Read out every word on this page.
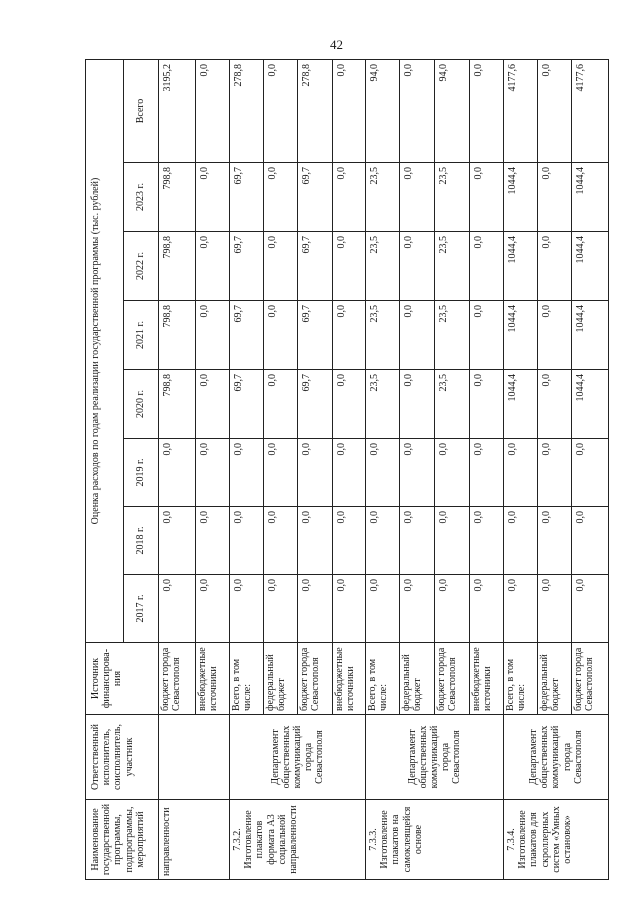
42
Наименование государственной программы, подпрограммы, мероприятий	Ответственный исполнитель, соисполнитель, участник	Источник финансирова-ния	Оценка расходов по годам реализации государственной программы (тыс. рублей)							
			2017 г.	2018 г.	2019 г.	2020 г.	2021 г.	2022 г.	2023 г.	Всего
направленности		бюджет города Севастополя	0,0	0,0	0,0	798,8	798,8	798,8	798,8	3195,2
		внебюджетные источники	0,0	0,0	0,0	0,0	0,0	0,0	0,0	0,0
7.3.2. Изготовление плакатов формата А3 социальной направленности	Департамент общественных коммуникаций города Севастополя	Всего, в том числе:	0,0	0,0	0,0	69,7	69,7	69,7	69,7	278,8
		федеральный бюджет	0,0	0,0	0,0	0,0	0,0	0,0	0,0	0,0
		бюджет города Севастополя	0,0	0,0	0,0	69,7	69,7	69,7	69,7	278,8
		внебюджетные источники	0,0	0,0	0,0	0,0	0,0	0,0	0,0	0,0
7.3.3. Изготовление плакатов на самоклеящейся основе	Департамент общественных коммуникаций города Севастополя	Всего, в том числе:	0,0	0,0	0,0	23,5	23,5	23,5	23,5	94,0
		федеральный бюджет	0,0	0,0	0,0	0,0	0,0	0,0	0,0	0,0
		бюджет города Севастополя	0,0	0,0	0,0	23,5	23,5	23,5	23,5	94,0
		внебюджетные источники	0,0	0,0	0,0	0,0	0,0	0,0	0,0	0,0
7.3.4. Изготовление плакатов для скроллерных систем «Умных остановок»	Департамент общественных коммуникаций города Севастополя	Всего, в том числе:	0,0	0,0	0,0	1044,4	1044,4	1044,4	1044,4	4177,6
		федеральный бюджет	0,0	0,0	0,0	0,0	0,0	0,0	0,0	0,0
		бюджет города Севастополя	0,0	0,0	0,0	1044,4	1044,4	1044,4	1044,4	4177,6
